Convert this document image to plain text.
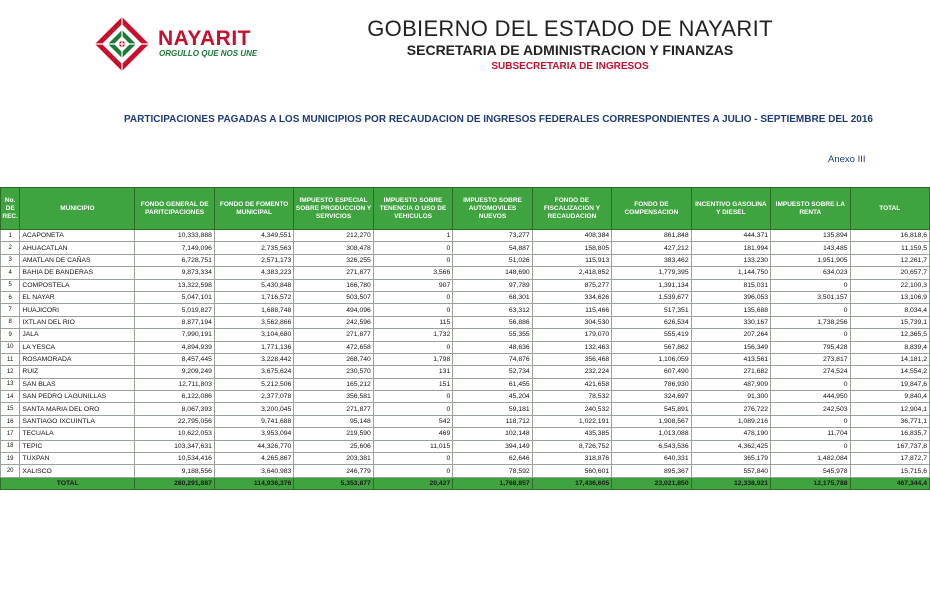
NAYARIT
ORGULLO QUE NOS UNE
GOBIERNO DEL ESTADO DE NAYARIT
SECRETARIA DE ADMINISTRACION Y FINANZAS
SUBSECRETARIA DE INGRESOS
PARTICIPACIONES PAGADAS A LOS MUNICIPIOS POR RECAUDACION DE INGRESOS FEDERALES CORRESPONDIENTES A JULIO - SEPTIEMBRE DEL 2016
Anexo III
No. DE REC.	MUNICIPIO	FONDO GENERAL DE PARITCIPACIONES	FONDO DE FOMENTO MUNICIPAL	IMPUESTO ESPECIAL SOBRE PRODUCCION Y SERVICIOS	IMPUESTO SOBRE TENENCIA O USO DE VEHICULOS	IMPUESTO SOBRE AUTOMOVILES NUEVOS	FONDO DE FISCALIZACION Y RECAUDACION	FONDO DE COMPENSACION	INCENTIVO GASOLINA Y DIESEL	IMPUESTO SOBRE LA RENTA	TOTAL
1	ACAPONETA	10,333,888	4,349,551	212,270	1	73,277	408,384	861,848	444,371	135,894	16,818,6
2	AHUACATLAN	7,149,096	2,735,563	308,478	0	54,887	158,805	427,212	181,994	143,485	11,159,5
3	AMATLAN DE CAÑAS	6,728,751	2,571,173	326,255	0	51,026	115,913	383,462	133,230	1,951,905	12,261,7
4	BAHIA DE BANDERAS	9,873,334	4,383,223	271,877	3,566	148,690	2,418,852	1,779,395	1,144,750	634,023	20,657,7
5	COMPOSTELA	13,322,598	5,430,848	166,780	907	97,789	875,277	1,391,134	815,031	0	22,100,3
6	EL NAYAR	5,047,101	1,716,572	503,507	0	68,301	334,626	1,539,677	396,053	3,501,157	13,106,9
7	HUAJICORI	5,019,827	1,688,748	494,096	0	63,312	115,466	517,351	135,688	0	8,034,4
8	IXTLAN DEL RIO	8,877,194	3,562,866	242,596	115	56,886	304,530	626,534	330,167	1,738,256	15,739,1
9	JALA	7,990,191	3,104,680	271,877	1,732	55,355	179,070	555,419	207,264	0	12,365,5
10	LA YESCA	4,894,939	1,771,136	472,658	0	48,636	132,463	567,862	156,349	795,428	8,839,4
11	ROSAMORADA	8,457,445	3,228,442	268,740	1,798	74,876	356,468	1,106,059	413,561	273,817	14,181,2
12	RUIZ	9,209,249	3,675,624	230,570	131	52,734	232,224	607,490	271,682	274,524	14,554,2
13	SAN BLAS	12,711,803	5,212,506	165,212	151	61,455	421,658	786,930	487,909	0	19,847,6
14	SAN PEDRO LAGUNILLAS	6,122,086	2,377,078	356,581	0	45,204	78,532	324,697	91,300	444,950	9,840,4
15	SANTA MARIA DEL ORO	8,067,393	3,200,045	271,877	0	59,181	240,532	545,891	276,722	242,503	12,904,1
16	SANTIAGO IXCUINTLA	22,795,056	9,741,688	95,148	542	118,712	1,022,191	1,908,567	1,089,216	0	36,771,1
17	TECUALA	10,622,053	3,953,094	219,590	469	102,148	435,385	1,013,088	478,190	11,704	16,835,7
18	TEPIC	103,347,631	44,326,770	25,606	11,015	394,149	8,726,752	6,543,536	4,362,425	0	167,737,8
19	TUXPAN	10,534,416	4,265,867	203,381	0	62,646	318,876	640,331	365,179	1,482,084	17,872,7
20	XALISCO	9,188,556	3,640,983	246,779	0	78,592	560,601	895,367	557,840	545,978	15,715,6
TOTAL		280,291,887	114,936,376	5,353,877	20,427	1,768,857	17,436,605	23,021,850	12,338,921	12,175,788	467,344,4
